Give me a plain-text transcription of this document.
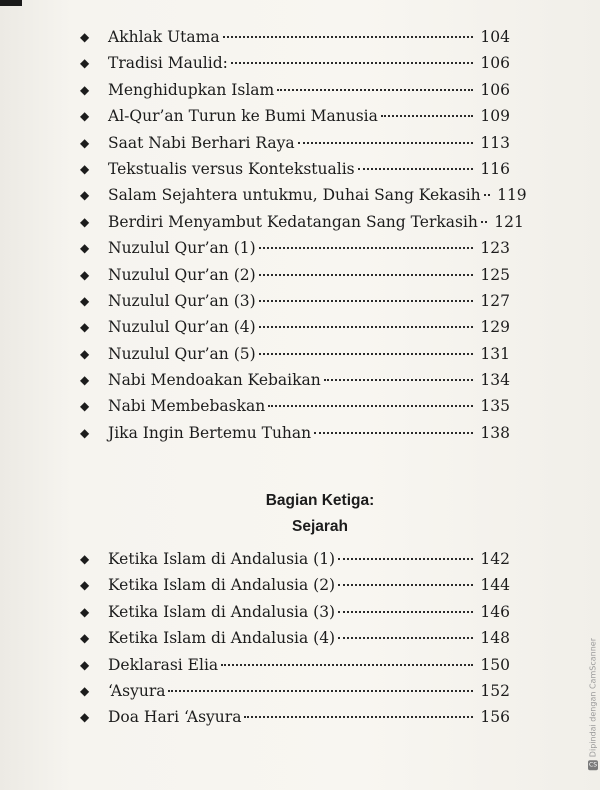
◆	Akhlak Utama	104
◆	Tradisi Maulid:	106
◆	Menghidupkan Islam	106
◆	Al-Qur’an Turun ke Bumi Manusia	109
◆	Saat Nabi Berhari Raya	113
◆	Tekstualis versus Kontekstualis	116
◆	Salam Sejahtera untukmu, Duhai Sang Kekasih 119
◆	Berdiri Menyambut Kedatangan Sang Terkasih 121
◆	Nuzulul Qur’an (1)	123
◆	Nuzulul Qur’an (2)	125
◆	Nuzulul Qur’an (3)	127
◆	Nuzulul Qur’an (4)	129
◆	Nuzulul Qur’an (5)	131
◆	Nabi Mendoakan Kebaikan	134
◆	Nabi Membebaskan	135
◆	Jika Ingin Bertemu Tuhan	138
Bagian Ketiga:
Sejarah
◆	Ketika Islam di Andalusia (1)	142
◆	Ketika Islam di Andalusia (2)	144
◆	Ketika Islam di Andalusia (3)	146
◆	Ketika Islam di Andalusia (4)	148
◆	Deklarasi Elia	150
◆	‘Asyura	152
◆	Doa Hari ‘Asyura	156
CS
Dipindai dengan CamScanner
